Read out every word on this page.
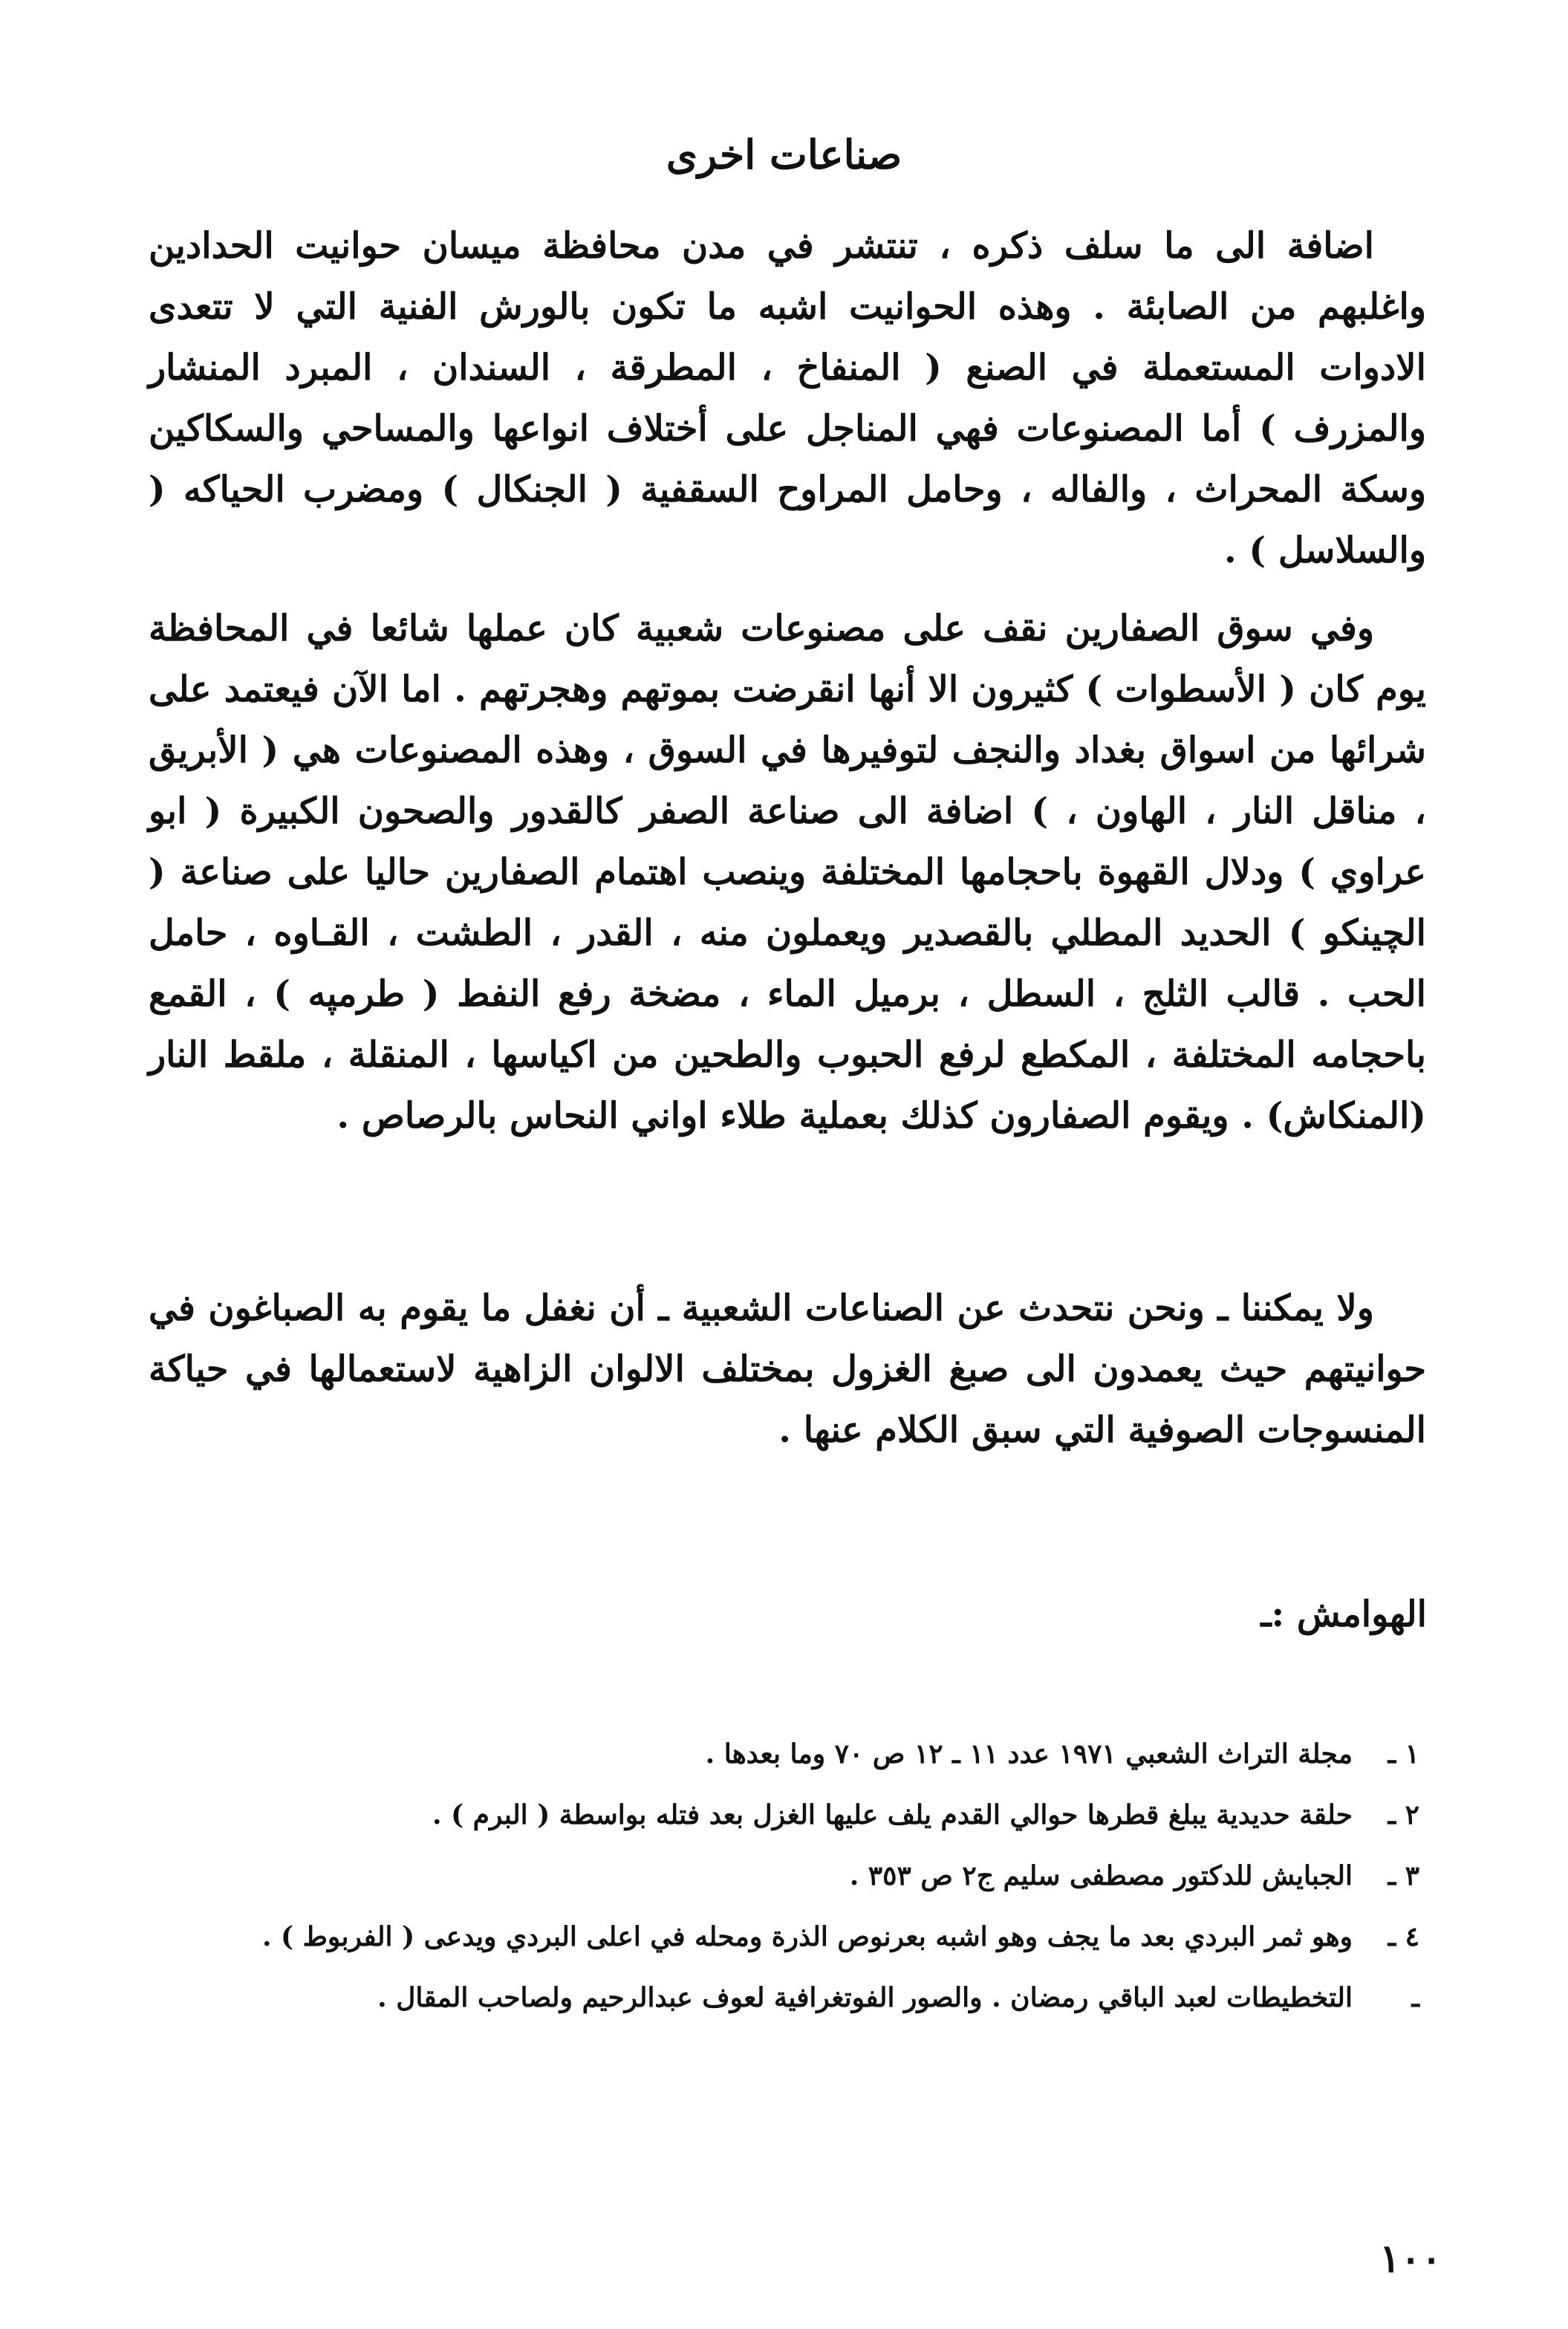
صناعات اخرى

اضافة الى ما سلف ذكره ، تنتشر في مدن محافظة ميسان حوانيت الحدادين واغلبهم من الصابئة . وهذه الحوانيت اشبه ما تكون بالورش الفنية التي لا تتعدى الادوات المستعملة في الصنع ( المنفاخ ، المطرقة ، السندان ، المبرد المنشار والمزرف ) أما المصنوعات فهي المناجل على أختلاف انواعها والمساحي والسكاكين وسكة المحراث ، والفاله ، وحامل المراوح السقفية ( الجنكال ) ومضرب الحياكه ( والسلاسل ) .

وفي سوق الصفارين نقف على مصنوعات شعبية كان عملها شائعا في المحافظة يوم كان ( الأسطوات ) كثيرون الا أنها انقرضت بموتهم وهجرتهم . اما الآن فيعتمد على شرائها من اسواق بغداد والنجف لتوفيرها في السوق ، وهذه المصنوعات هي ( الأبريق ، مناقل النار ، الهاون ، ) اضافة الى صناعة الصفر كالقدور والصحون الكبيرة ( ابو عراوي ) ودلال القهوة باحجامها المختلفة وينصب اهتمام الصفارين حاليا على صناعة ( الچينكو ) الحديد المطلي بالقصدير ويعملون منه ، القدر ، الطشت ، القـاوه ، حامل الحب . قالب الثلج ، السطل ، برميل الماء ، مضخة رفع النفط ( طرمپه ) ، القمع باحجامه المختلفة ، المكطع لرفع الحبوب والطحين من اكياسها ، المنقلة ، ملقط النار (المنكاش) . ويقوم الصفارون كذلك بعملية طلاء اواني النحاس بالرصاص .

ولا يمكننا ـ ونحن نتحدث عن الصناعات الشعبية ـ أن نغفل ما يقوم به الصباغون في حوانيتهم حيث يعمدون الى صبغ الغزول بمختلف الالوان الزاهية لاستعمالها في حياكة المنسوجات الصوفية التي سبق الكلام عنها .

الهوامش :ـ
١ ـ
مجلة التراث الشعبي ١٩٧١ عدد ١١ ـ ١٢ ص ٧٠ وما بعدها .
٢ ـ
حلقة حديدية يبلغ قطرها حوالي القدم يلف عليها الغزل بعد فتله بواسطة ( البرم ) .
٣ ـ
الجبايش للدكتور مصطفى سليم ج٢ ص ٣٥٣ .
٤ ـ
وهو ثمر البردي بعد ما يجف وهو اشبه بعرنوص الذرة ومحله في اعلى البردي ويدعى ( الفربوط ) .
ـ
التخطيطات لعبد الباقي رمضان . والصور الفوتغرافية لعوف عبدالرحيم ولصاحب المقال .
١٠٠
